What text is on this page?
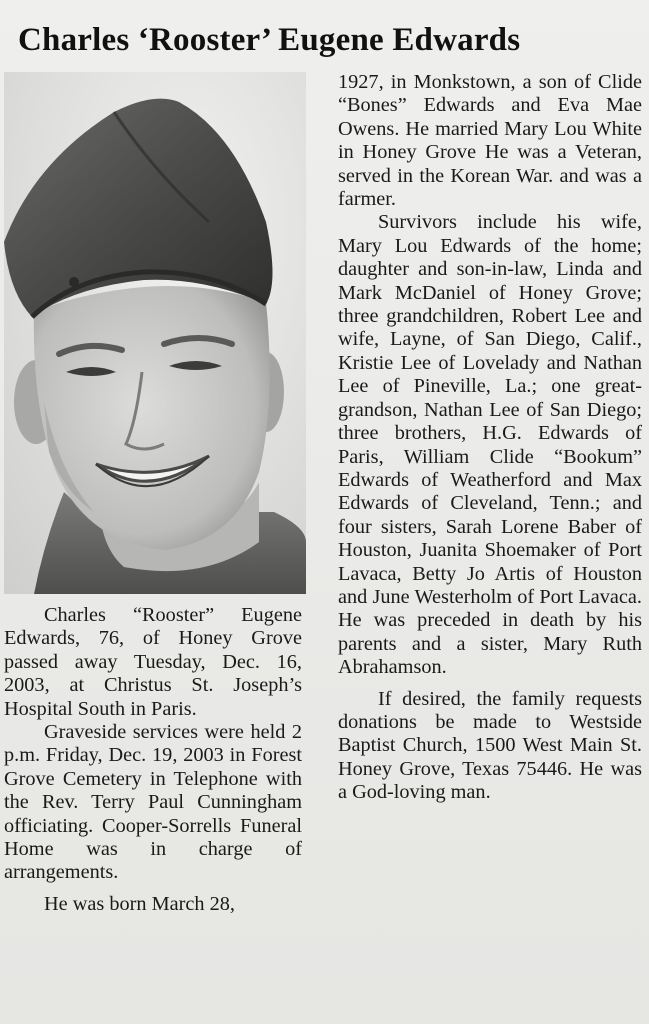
Charles ‘Rooster’ Eugene Edwards

Charles “Rooster” Eugene Edwards, 76, of Honey Grove passed away Tuesday, Dec. 16, 2003, at Christus St. Joseph’s Hospital South in Paris.

Graveside services were held 2 p.m. Friday, Dec. 19, 2003 in Forest Grove Cemetery in Telephone with the Rev. Terry Paul Cunningham officiating. Cooper-Sorrells Funeral Home was in charge of arrangements.

He was born March 28,

1927, in Monkstown, a son of Clide “Bones” Edwards and Eva Mae Owens. He married Mary Lou White in Honey Grove He was a Veteran, served in the Korean War. and was a farmer.

Survivors include his wife, Mary Lou Edwards of the home; daughter and son-in-law, Linda and Mark McDaniel of Honey Grove; three grandchildren, Robert Lee and wife, Layne, of San Diego, Calif., Kristie Lee of Lovelady and Nathan Lee of Pineville, La.; one great-grandson, Nathan Lee of San Diego; three brothers, H.G. Edwards of Paris, William Clide “Bookum” Edwards of Weatherford and Max Edwards of Cleveland, Tenn.; and four sisters, Sarah Lorene Baber of Houston, Juanita Shoemaker of Port Lavaca, Betty Jo Artis of Houston and June Westerholm of Port Lavaca. He was preceded in death by his parents and a sister, Mary Ruth Abrahamson.

If desired, the family requests donations be made to Westside Baptist Church, 1500 West Main St. Honey Grove, Texas 75446. He was a God-loving man.
